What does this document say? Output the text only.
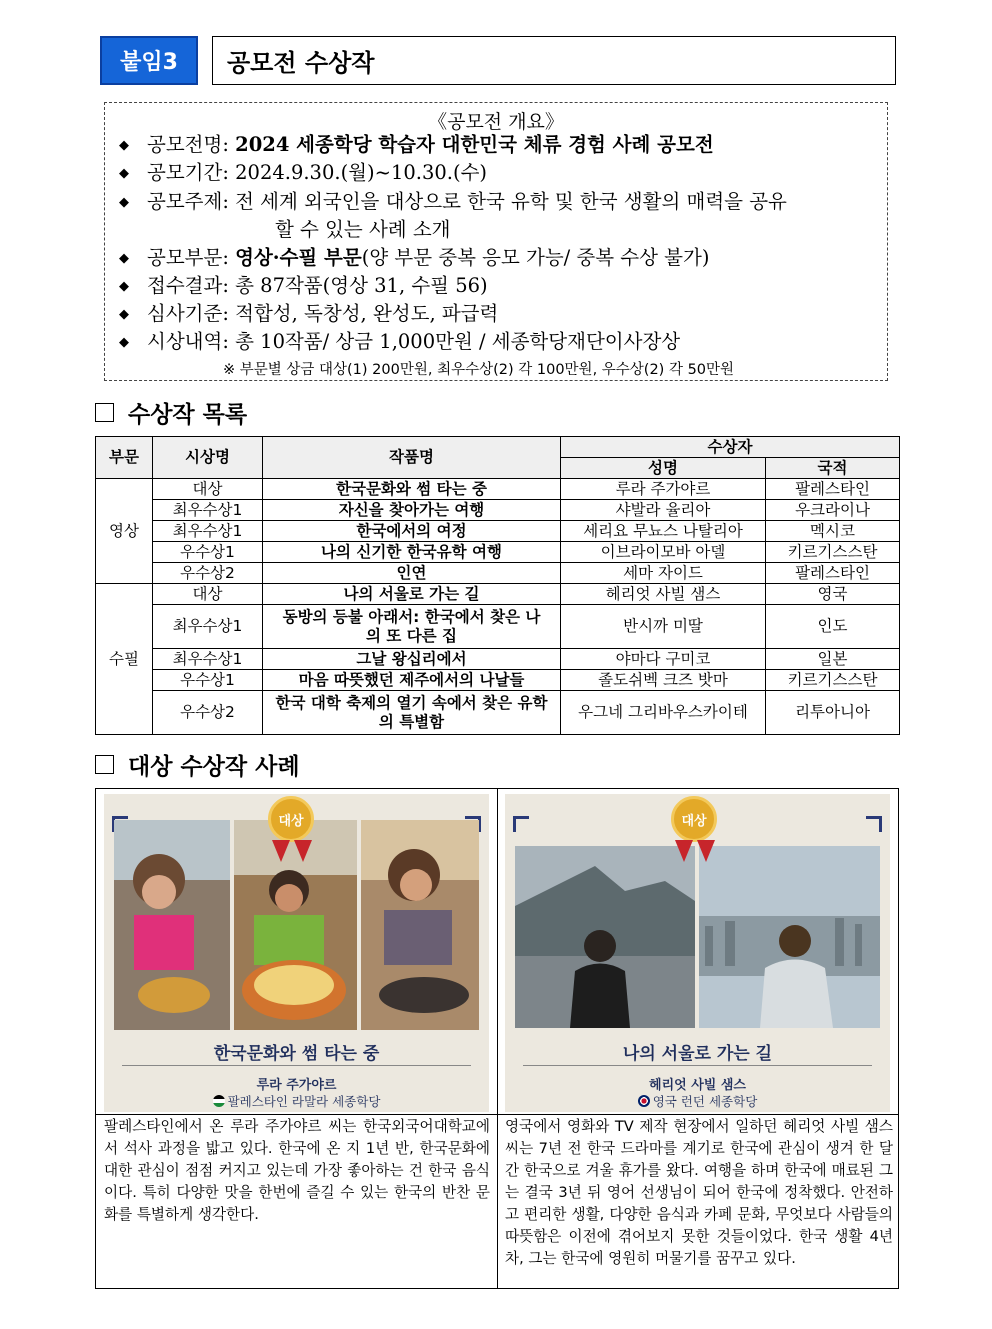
붙임3	공모전 수상작
《공모전 개요》
◆ 공모전명: 2024 세종학당 학습자 대한민국 체류 경험 사례 공모전
◆ 공모기간: 2024.9.30.(월)~10.30.(수)
◆ 공모주제: 전 세계 외국인을 대상으로 한국 유학 및 한국 생활의 매력을 공유
할 수 있는 사례 소개
◆ 공모부문: 영상·수필 부문(양 부문 중복 응모 가능/ 중복 수상 불가)
◆ 접수결과: 총 87작품(영상 31, 수필 56)
◆ 심사기준: 적합성, 독창성, 완성도, 파급력
◆ 시상내역: 총 10작품/ 상금 1,000만원 / 세종학당재단이사장상
※ 부문별 상금 대상(1) 200만원, 최우수상(2) 각 100만원, 우수상(2) 각 50만원
수상작 목록
부문	시상명	작품명	수상자	
			성명	국적
영상	대상	한국문화와 썸 타는 중	루라 주가야르	팔레스타인
	최우수상1	자신을 찾아가는 여행	샤발라 율리아	우크라이나
	최우수상1	한국에서의 여정	세리요 무뇨스 나탈리아	멕시코
	우수상1	나의 신기한 한국유학 여행	이브라이모바 아델	키르기스스탄
	우수상2	인연	세마 자이드	팔레스타인
수필	대상	나의 서울로 가는 길	헤리엇 사빌 샘스	영국
	최우수상1	동방의 등불 아래서: 한국에서 찾은 나의 또 다른 집	반시까 미딸	인도
	최우수상1	그날 왕십리에서	야마다 구미코	일본
	우수상1	마음 따뜻했던 제주에서의 나날들	졸도쉬벡 크즈 밧마	키르기스스탄
	우수상2	한국 대학 축제의 열기 속에서 찾은 유학의 특별함	우그네 그리바우스카이테	리투아니아
대상 수상작 사례
대상
한국문화와 썸 타는 중
루라 주가야르
팔레스타인 라말라 세종학당
대상
나의 서울로 가는 길
헤리엇 사빌 샘스
영국 런던 세종학당
팔레스타인에서 온 루라 주가야르 씨는 한국외국어대학교에서 석사 과정을 밟고 있다. 한국에 온 지 1년 반, 한국문화에 대한 관심이 점점 커지고 있는데 가장 좋아하는 건 한국 음식이다. 특히 다양한 맛을 한번에 즐길 수 있는 한국의 반찬 문화를 특별하게 생각한다.
영국에서 영화와 TV 제작 현장에서 일하던 헤리엇 사빌 샘스 씨는 7년 전 한국 드라마를 계기로 한국에 관심이 생겨 한 달간 한국으로 겨울 휴가를 왔다. 여행을 하며 한국에 매료된 그는 결국 3년 뒤 영어 선생님이 되어 한국에 정착했다. 안전하고 편리한 생활, 다양한 음식과 카페 문화, 무엇보다 사람들의 따뜻함은 이전에 겪어보지 못한 것들이었다. 한국 생활 4년 차, 그는 한국에 영원히 머물기를 꿈꾸고 있다.
